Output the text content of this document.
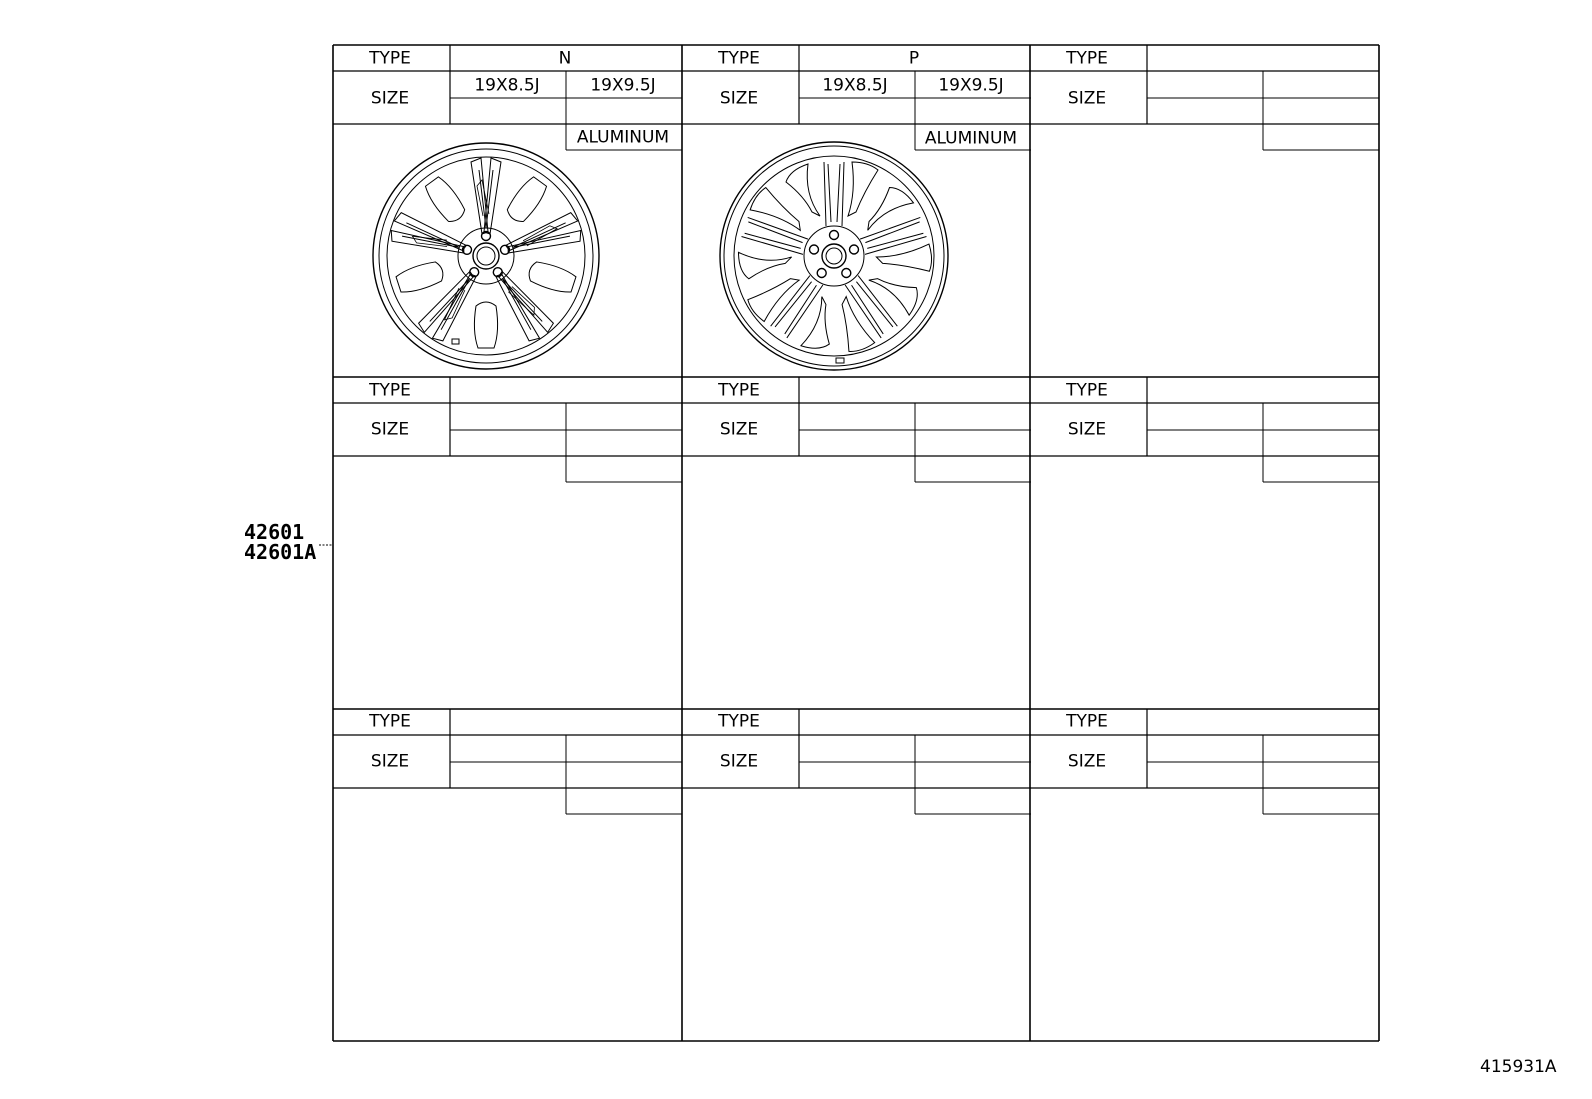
TYPE	N
SIZE
19X8.5J	19X9.5J
ALUMINUM
TYPE	P
SIZE
19X8.5J	19X9.5J
ALUMINUM
TYPE
SIZE
TYPE
SIZE
TYPE
SIZE
TYPE
SIZE
TYPE
SIZE
TYPE
SIZE
TYPE
SIZE
42601
42601A
415931A
